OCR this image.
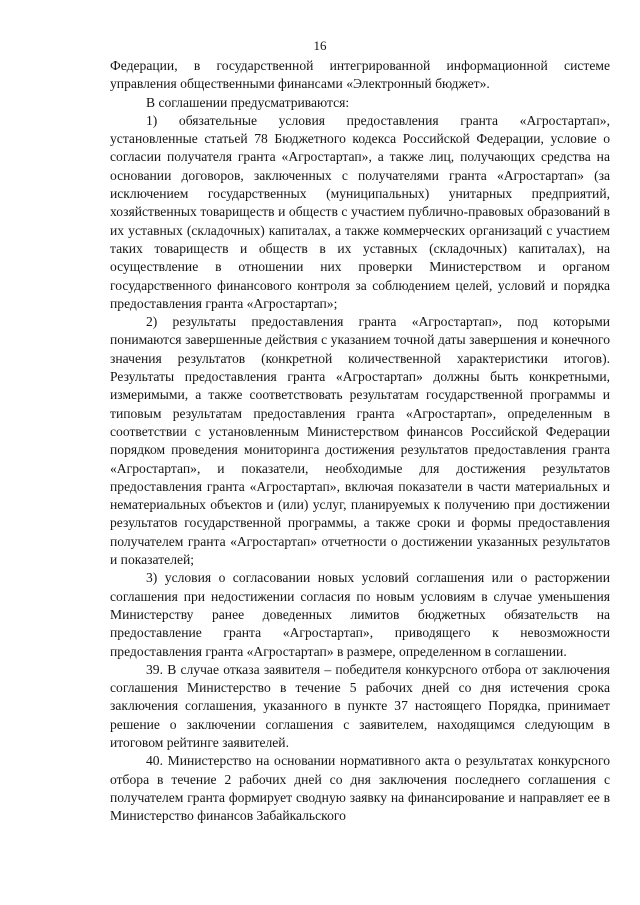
16

Федерации, в государственной интегрированной информационной системе управления общественными финансами «Электронный бюджет».

В соглашении предусматриваются:

1) обязательные условия предоставления гранта «Агростартап», установленные статьей 78 Бюджетного кодекса Российской Федерации, условие о согласии получателя гранта «Агростартап», а также лиц, получающих средства на основании договоров, заключенных с получателями гранта «Агростартап» (за исключением государственных (муниципальных) унитарных предприятий, хозяйственных товариществ и обществ с участием публично-правовых образований в их уставных (складочных) капиталах, а также коммерческих организаций с участием таких товариществ и обществ в их уставных (складочных) капиталах), на осуществление в отношении них проверки Министерством и органом государственного финансового контроля за соблюдением целей, условий и порядка предоставления гранта «Агростартап»;

2) результаты предоставления гранта «Агростартап», под которыми понимаются завершенные действия с указанием точной даты завершения и конечного значения результатов (конкретной количественной характеристики итогов). Результаты предоставления гранта «Агростартап» должны быть конкретными, измеримыми, а также соответствовать результатам государственной программы и типовым результатам предоставления гранта «Агростартап», определенным в соответствии с установленным Министерством финансов Российской Федерации порядком проведения мониторинга достижения результатов предоставления гранта «Агростартап», и показатели, необходимые для достижения результатов предоставления гранта «Агростартап», включая показатели в части материальных и нематериальных объектов и (или) услуг, планируемых к получению при достижении результатов государственной программы, а также сроки и формы предоставления получателем гранта «Агростартап» отчетности о достижении указанных результатов и показателей;

3) условия о согласовании новых условий соглашения или о расторжении соглашения при недостижении согласия по новым условиям в случае уменьшения Министерству ранее доведенных лимитов бюджетных обязательств на предоставление гранта «Агростартап», приводящего к невозможности предоставления гранта «Агростартап» в размере, определенном в соглашении.

39. В случае отказа заявителя – победителя конкурсного отбора от заключения соглашения Министерство в течение 5 рабочих дней со дня истечения срока заключения соглашения, указанного в пункте 37 настоящего Порядка, принимает решение о заключении соглашения с заявителем, находящимся следующим в итоговом рейтинге заявителей.

40. Министерство на основании нормативного акта о результатах конкурсного отбора в течение 2 рабочих дней со дня заключения последнего соглашения с получателем гранта формирует сводную заявку на финансирование и направляет ее в Министерство финансов Забайкальского
